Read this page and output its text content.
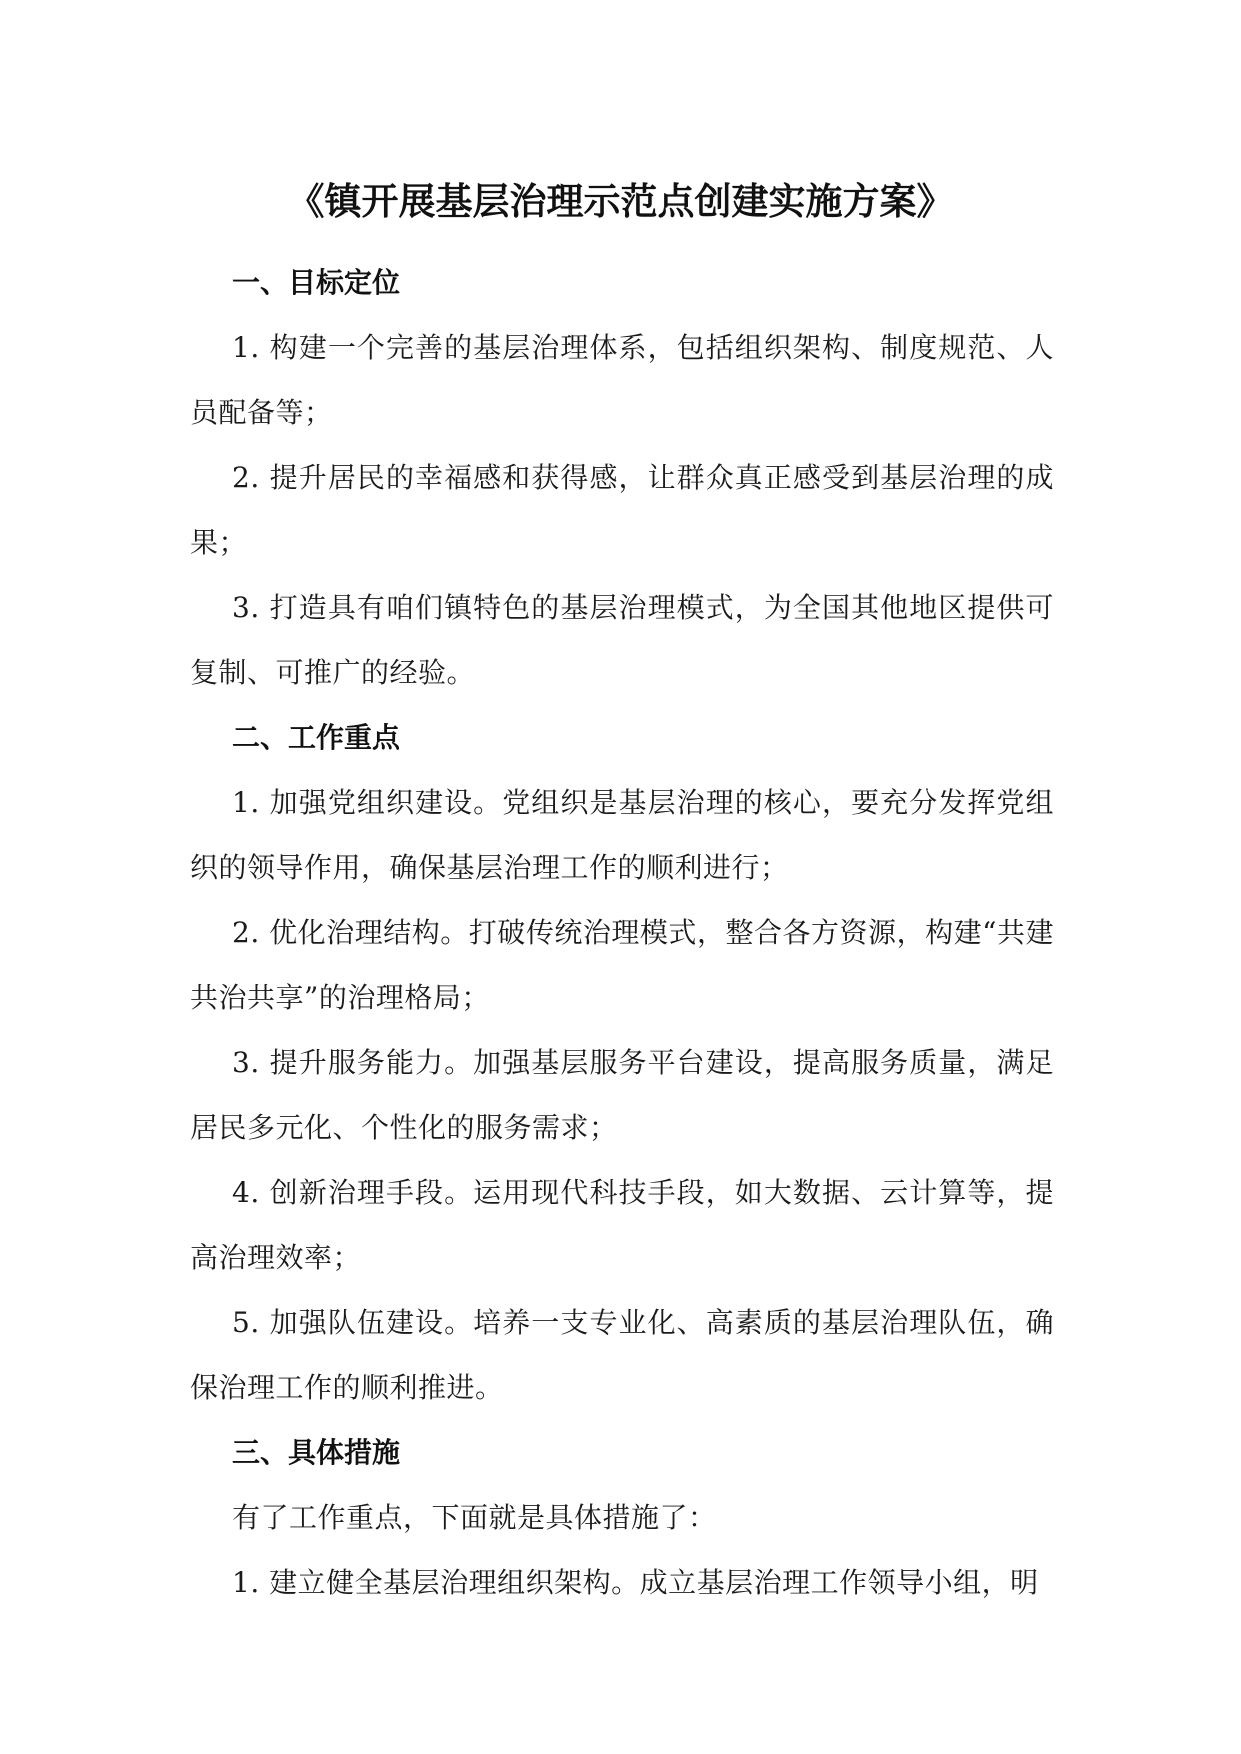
《镇开展基层治理示范点创建实施方案》

一、目标定位

1. 构建一个完善的基层治理体系，包括组织架构、制度规范、人员配备等；

2. 提升居民的幸福感和获得感，让群众真正感受到基层治理的成果；

3. 打造具有咱们镇特色的基层治理模式，为全国其他地区提供可复制、可推广的经验。

二、工作重点

1. 加强党组织建设。党组织是基层治理的核心，要充分发挥党组织的领导作用，确保基层治理工作的顺利进行；

2. 优化治理结构。打破传统治理模式，整合各方资源，构建“共建共治共享”的治理格局；

3. 提升服务能力。加强基层服务平台建设，提高服务质量，满足居民多元化、个性化的服务需求；

4. 创新治理手段。运用现代科技手段，如大数据、云计算等，提高治理效率；

5. 加强队伍建设。培养一支专业化、高素质的基层治理队伍，确保治理工作的顺利推进。

三、具体措施

有了工作重点，下面就是具体措施了：

1. 建立健全基层治理组织架构。成立基层治理工作领导小组，明
